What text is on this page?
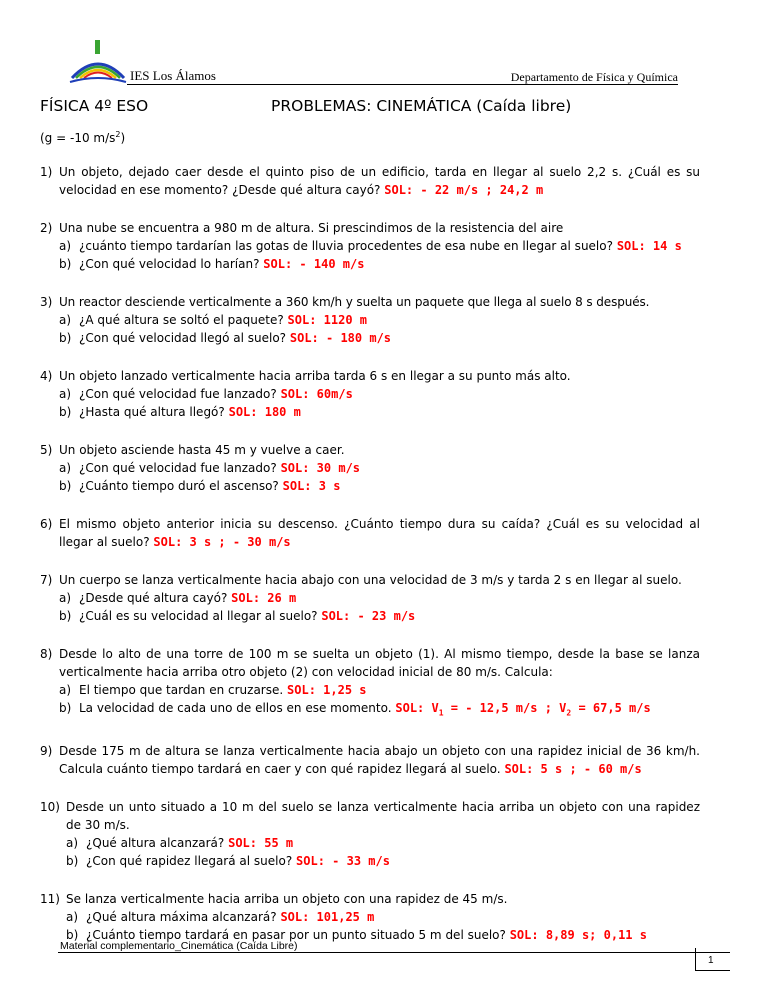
IES Los Álamos	Departamento de Física y Química
FÍSICA 4º ESO	PROBLEMAS: CINEMÁTICA (Caída libre)
(g = -10 $m/s^2$)
1) Un objeto, dejado caer desde el quinto piso de un edificio, tarda en llegar al suelo 2,2 s. ¿Cuál es su velocidad en ese momento? ¿Desde qué altura cayó? SOL: - 22 m/s ; 24,2 m
2) Una nube se encuentra a 980 m de altura. Si prescindimos de la resistencia del aire
a) ¿cuánto tiempo tardarían las gotas de lluvia procedentes de esa nube en llegar al suelo? SOL: 14 s
b) ¿Con qué velocidad lo harían? SOL: - 140 m/s
3) Un reactor desciende verticalmente a 360 km/h y suelta un paquete que llega al suelo 8 s después.
a) ¿A qué altura se soltó el paquete? SOL: 1120 m
b) ¿Con qué velocidad llegó al suelo? SOL: - 180 m/s
4) Un objeto lanzado verticalmente hacia arriba tarda 6 s en llegar a su punto más alto.
a) ¿Con qué velocidad fue lanzado? SOL: 60m/s
b) ¿Hasta qué altura llegó? SOL: 180 m
5) Un objeto asciende hasta 45 m y vuelve a caer.
a) ¿Con qué velocidad fue lanzado? SOL: 30 m/s
b) ¿Cuánto tiempo duró el ascenso? SOL: 3 s
6) El mismo objeto anterior inicia su descenso. ¿Cuánto tiempo dura su caída? ¿Cuál es su velocidad al llegar al suelo? SOL: 3 s ; - 30 m/s
7) Un cuerpo se lanza verticalmente hacia abajo con una velocidad de 3 m/s y tarda 2 s en llegar al suelo.
a) ¿Desde qué altura cayó? SOL: 26 m
b) ¿Cuál es su velocidad al llegar al suelo? SOL: - 23 m/s
8) Desde lo alto de una torre de 100 m se suelta un objeto (1). Al mismo tiempo, desde la base se lanza verticalmente hacia arriba otro objeto (2) con velocidad inicial de 80 m/s. Calcula:
a) El tiempo que tardan en cruzarse. SOL: 1,25 s
b) La velocidad de cada uno de ellos en ese momento. SOL: $V_1$ = - 12,5 m/s ; $V_2 = 67,5$ m/s
9) Desde 175 m de altura se lanza verticalmente hacia abajo un objeto con una rapidez inicial de 36 km/h. Calcula cuánto tiempo tardará en caer y con qué rapidez llegará al suelo. SOL: 5 s ; - 60 m/s
10) Desde un unto situado a 10 m del suelo se lanza verticalmente hacia arriba un objeto con una rapidez de 30 m/s.
a) ¿Qué altura alcanzará? SOL: 55 m
b) ¿Con qué rapidez llegará al suelo? SOL: - 33 m/s
11) Se lanza verticalmente hacia arriba un objeto con una rapidez de 45 m/s.
a) ¿Qué altura máxima alcanzará? SOL: 101,25 m
b) ¿Cuánto tiempo tardará en pasar por un punto situado 5 m del suelo? SOL: 8,89 s; 0,11 s
Material complementario_Cinemática (Caída Libre)
1
